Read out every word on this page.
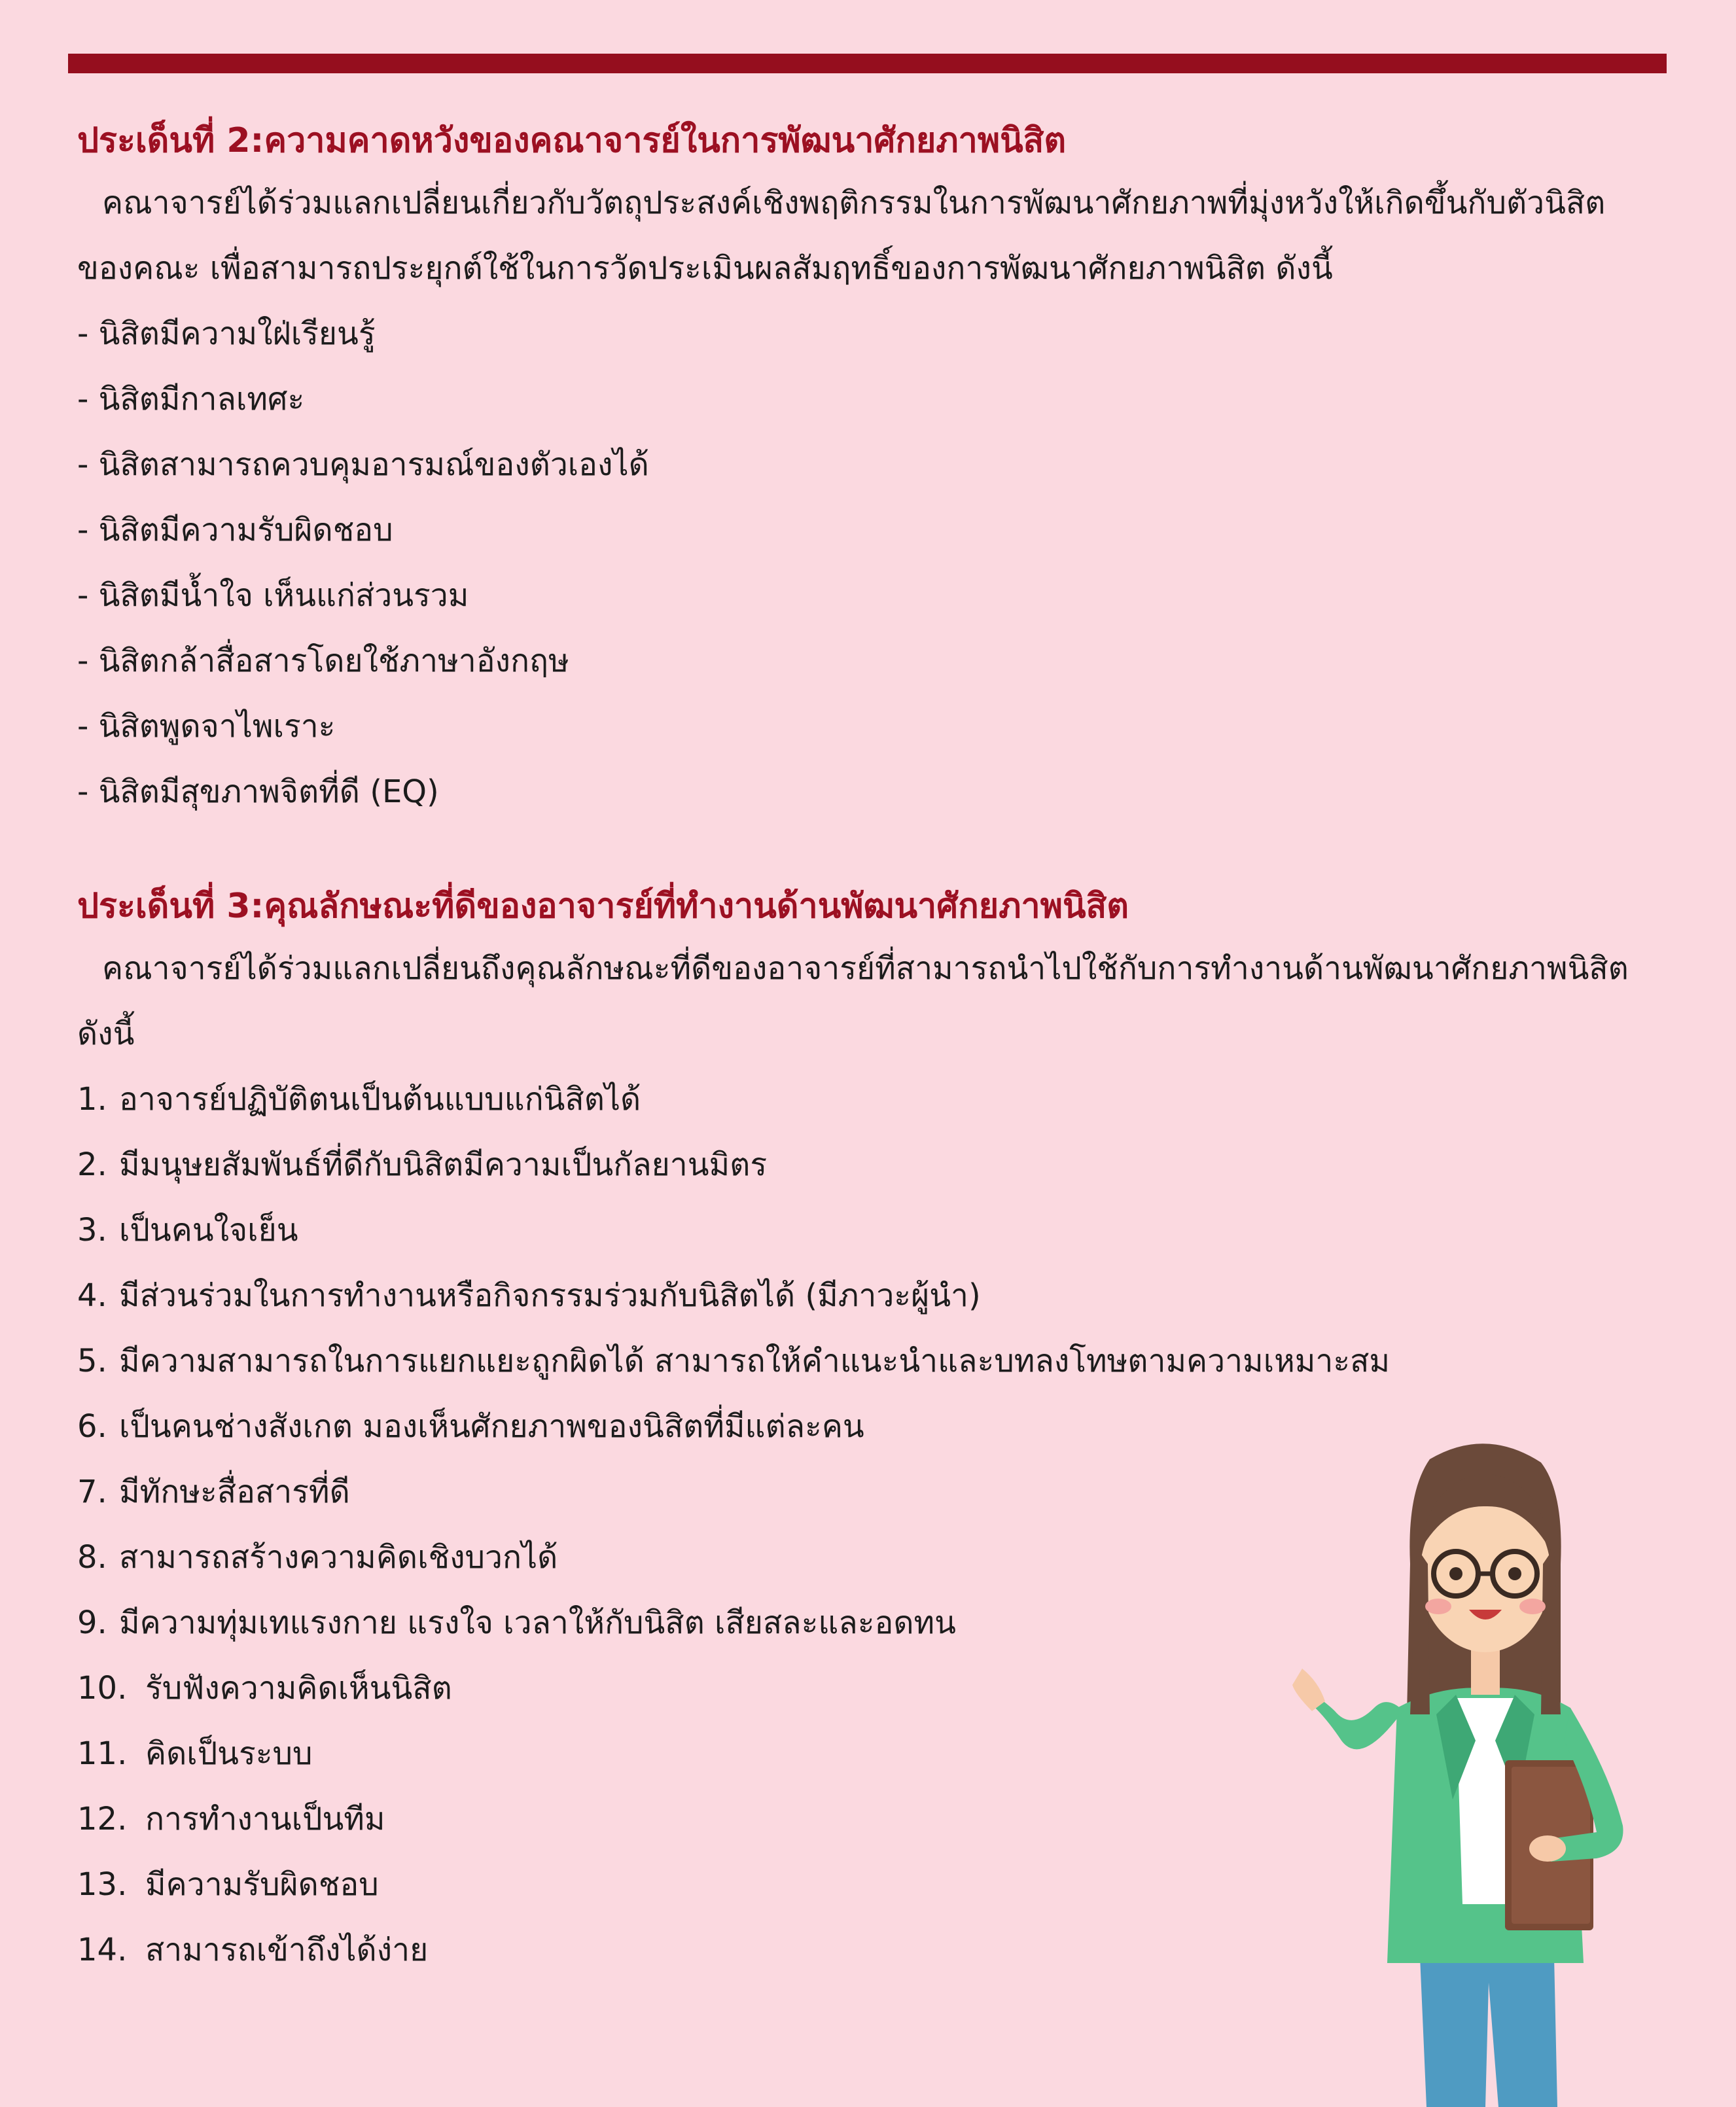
ประเด็นที่ 2:ความคาดหวังของคณาจารย์ในการพัฒนาศักยภาพนิสิต

คณาจารย์ได้ร่วมแลกเปลี่ยนเกี่ยวกับวัตถุประสงค์เชิงพฤติกรรมในการพัฒนาศักยภาพที่มุ่งหวังให้เกิดขึ้นกับตัวนิสิตของคณะ เพื่อสามารถประยุกต์ใช้ในการวัดประเมินผลสัมฤทธิ์ของการพัฒนาศักยภาพนิสิต ดังนี้

- นิสิตมีความใฝ่เรียนรู้
- นิสิตมีกาลเทศะ
- นิสิตสามารถควบคุมอารมณ์ของตัวเองได้
- นิสิตมีความรับผิดชอบ
- นิสิตมีน้ำใจ เห็นแก่ส่วนรวม
- นิสิตกล้าสื่อสารโดยใช้ภาษาอังกฤษ
- นิสิตพูดจาไพเราะ
- นิสิตมีสุขภาพจิตที่ดี (EQ)
ประเด็นที่ 3:คุณลักษณะที่ดีของอาจารย์ที่ทำงานด้านพัฒนาศักยภาพนิสิต

คณาจารย์ได้ร่วมแลกเปลี่ยนถึงคุณลักษณะที่ดีของอาจารย์ที่สามารถนำไปใช้กับการทำงานด้านพัฒนาศักยภาพนิสิตดังนี้

1. อาจารย์ปฏิบัติตนเป็นต้นแบบแก่นิสิตได้
2. มีมนุษยสัมพันธ์ที่ดีกับนิสิตมีความเป็นกัลยานมิตร
3. เป็นคนใจเย็น
4. มีส่วนร่วมในการทำงานหรือกิจกรรมร่วมกับนิสิตได้ (มีภาวะผู้นำ)
5. มีความสามารถในการแยกแยะถูกผิดได้ สามารถให้คำแนะนำและบทลงโทษตามความเหมาะสม
6. เป็นคนช่างสังเกต มองเห็นศักยภาพของนิสิตที่มีแต่ละคน
7. มีทักษะสื่อสารที่ดี
8. สามารถสร้างความคิดเชิงบวกได้
9. มีความทุ่มเทแรงกาย แรงใจ เวลาให้กับนิสิต เสียสละและอดทน
10. รับฟังความคิดเห็นนิสิต
11. คิดเป็นระบบ
12. การทำงานเป็นทีม
13. มีความรับผิดชอบ
14. สามารถเข้าถึงได้ง่าย
